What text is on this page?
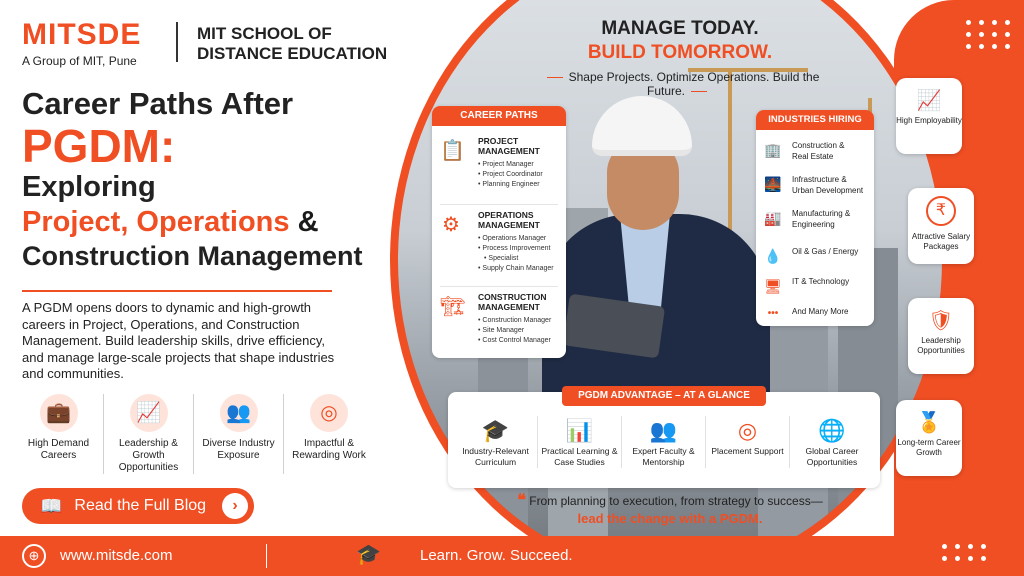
MITSDE
A Group of MIT, Pune
MIT SCHOOL OF
DISTANCE EDUCATION
Career Paths After
PGDM:
Exploring
Project, Operations &
Construction Management
A PGDM opens doors to dynamic and high-growth careers in Project, Operations, and Construction Management. Build leadership skills, drive efficiency, and manage large-scale projects that shape industries and communities.
💼
High Demand Careers
📈
Leadership & Growth Opportunities
👥
Diverse Industry Exposure
◎
Impactful & Rewarding Work
📖 Read the Full Blog	›
MANAGE TODAY.
BUILD TOMORROW.
Shape Projects. Optimize Operations. Build the Future.
CAREER PATHS
📋 PROJECT
MANAGEMENT
• Project Manager
• Project Coordinator
• Planning Engineer
⚙ OPERATIONS
MANAGEMENT
• Operations Manager
• Process Improvement
• Specialist
• Supply Chain Manager
🏗 CONSTRUCTION
MANAGEMENT
• Construction Manager
• Site Manager
• Cost Control Manager
INDUSTRIES HIRING
🏢 Construction &
Real Estate
🌉 Infrastructure &
Urban Development
🏭 Manufacturing &
Engineering
💧 Oil & Gas / Energy
🖥 IT & Technology
•••	And Many More
PGDM ADVANTAGE – AT A GLANCE
🎓
Industry-Relevant Curriculum
📊
Practical Learning & Case Studies
👥
Expert Faculty & Mentorship
◎
Placement Support
🌐
Global Career Opportunities
❝ From planning to execution, from strategy to success—
lead the change with a PGDM.
📈
High Employability
₹
Attractive Salary Packages
🛡
Leadership Opportunities
🏅
Long-term Career Growth
⊕	www.mitsde.com	🎓	Learn. Grow. Succeed.
